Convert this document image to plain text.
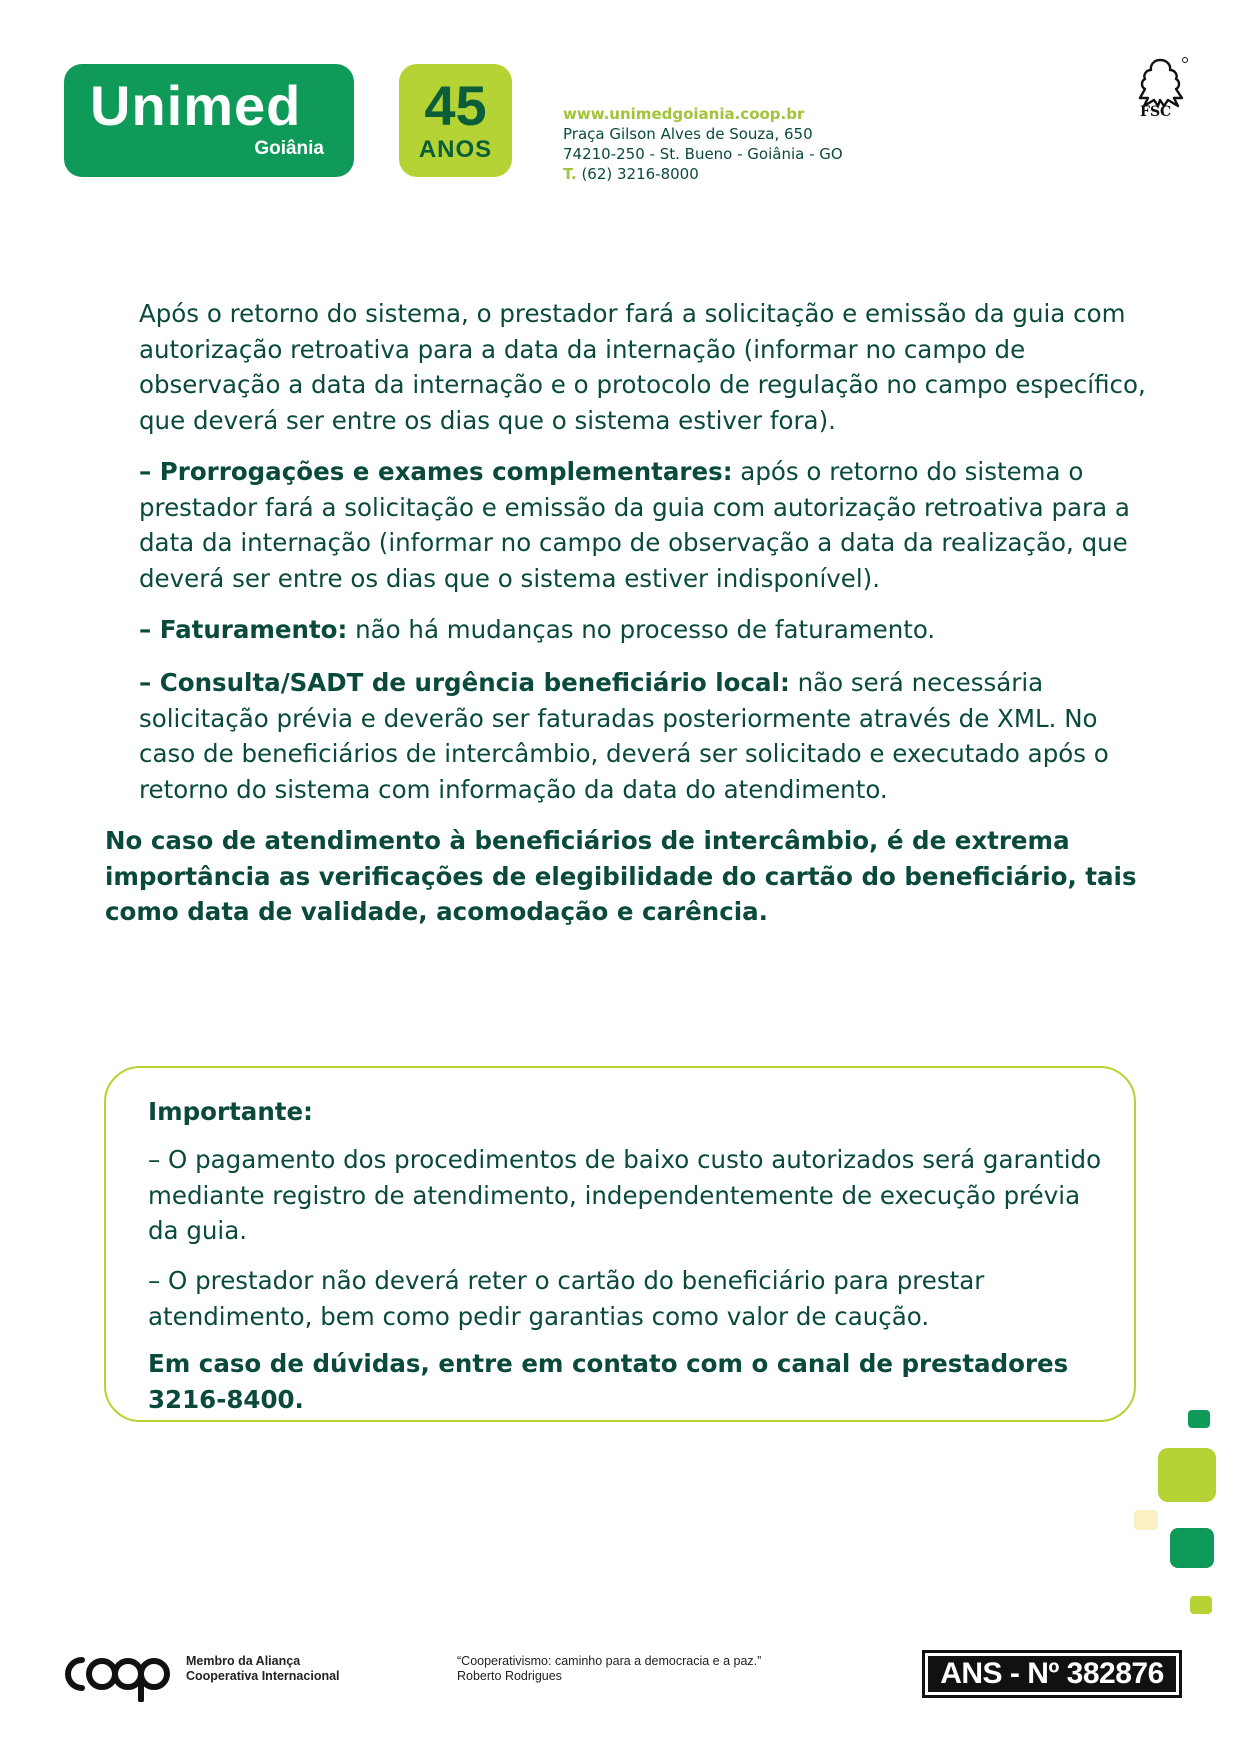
Unimed
Goiânia
45
ANOS
www.unimedgoiania.coop.br
Praça Gilson Alves de Souza, 650
74210-250 - St. Bueno - Goiânia - GO
T. (62) 3216-8000
FSC
Após o retorno do sistema, o prestador fará a solicitação e emissão da guia com autorização retroativa para a data da internação (informar no campo de observação a data da internação e o protocolo de regulação no campo específico, que deverá ser entre os dias que o sistema estiver fora).
– Prorrogações e exames complementares: após o retorno do sistema o prestador fará a solicitação e emissão da guia com autorização retroativa para a data da internação (informar no campo de observação a data da realização, que deverá ser entre os dias que o sistema estiver indisponível).
– Faturamento: não há mudanças no processo de faturamento.
– Consulta/SADT de urgência beneficiário local: não será necessária solicitação prévia e deverão ser faturadas posteriormente através de XML. No caso de beneficiários de intercâmbio, deverá ser solicitado e executado após o retorno do sistema com informação da data do atendimento.
No caso de atendimento à beneficiários de intercâmbio, é de extrema importância as verificações de elegibilidade do cartão do beneficiário, tais como data de validade, acomodação e carência.
Importante:
– O pagamento dos procedimentos de baixo custo autorizados será garantido mediante registro de atendimento, independentemente de execução prévia da guia.
– O prestador não deverá reter o cartão do beneficiário para prestar atendimento, bem como pedir garantias como valor de caução.
Em caso de dúvidas, entre em contato com o canal de prestadores 3216-8400.
Membro da Aliança
Cooperativa Internacional
“Cooperativismo: caminho para a democracia e a paz.”
Roberto Rodrigues	ANS - Nº 382876
